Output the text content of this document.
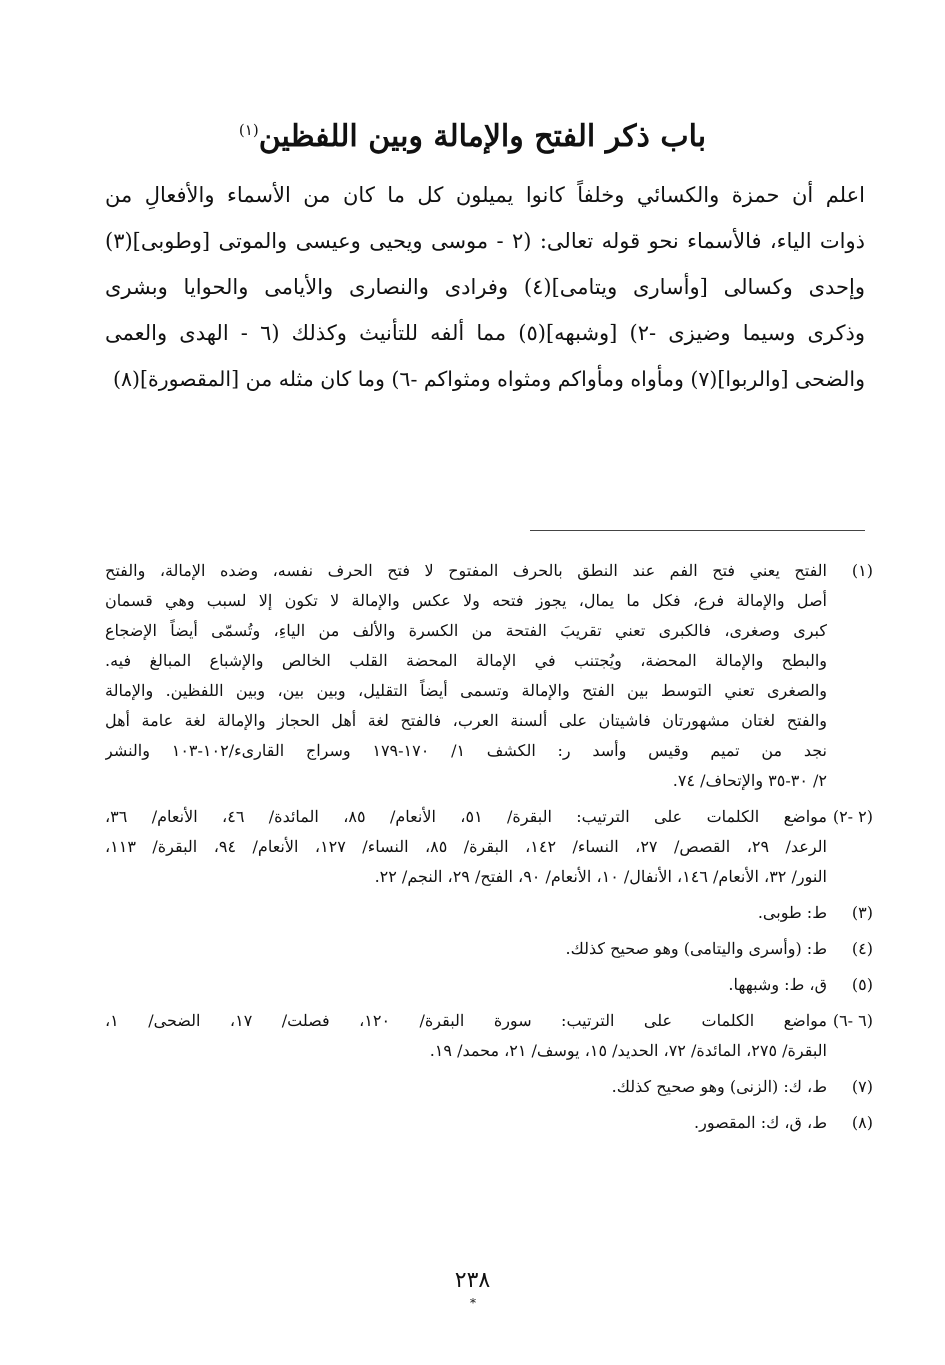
باب ذكر الفتح والإمالة وبين اللفظين$^{(١)}$
اعلم أن حمزة والكسائي وخلفاً كانوا يميلون كل ما كان من الأسماء والأفعالِ من
ذوات الياء، فالأسماء نحو قوله تعالى: (٢ - موسى ويحيى وعيسى والموتى [وطوبى](٣)
وإحدى وكسالى [وأسارى ويتامى](٤) وفرادى والنصارى والأيامى والحوايا وبشرى
وذكرى وسيما وضيزى -٢) [وشبهه](٥) مما ألفه للتأنيث وكذلك (٦ - الهدى والعمى
والضحى [والربوا](٧) ومأواه ومأواكم ومثواه ومثواكم -٦) وما كان مثله من [المقصورة](٨)
(١)
الفتح يعني فتح الفم عند النطق بالحرف المفتوح لا فتح الحرف نفسه، وضده الإمالة، والفتح
أصل والإمالة فرع، فكل ما يمال، يجوز فتحه ولا عكس والإمالة لا تكون إلا لسبب وهي قسمان
كبرى وصغرى، فالكبرى تعني تقريبَ الفتحة من الكسرة والألف من الياءِ، وتُسمّى أيضاً الإضجاع
والبطح والإمالة المحضة، ويُجتنب في الإمالة المحضة القلب الخالص والإشباع المبالغ فيه.
والصغرى تعني التوسط بين الفتح والإمالة وتسمى أيضاً التقليل، وبين بين، وبين اللفظين. والإمالة
والفتح لغتان مشهورتان فاشيتان على ألسنة العرب، فالفتح لغة أهل الحجاز والإمالة لغة عامة أهل
نجد من تميم وقيس وأسد ر: الكشف ١/ ١٧٠-١٧٩ وسراج القارىء/١٠٢-١٠٣ والنشر
٢/ ٣٠-٣٥ والإتحاف/ ٧٤.
(٢ -٢)
مواضع الكلمات على الترتيب: البقرة/ ٥١، الأنعام/ ٨٥، المائدة/ ٤٦، الأنعام/ ٣٦،
الرعد/ ٢٩، القصص/ ٢٧، النساء/ ١٤٢، البقرة/ ٨٥، النساء/ ١٢٧، الأنعام/ ٩٤، البقرة/ ١١٣،
النور/ ٣٢، الأنعام/ ١٤٦، الأنفال/ ١٠، الأنعام/ ٩٠، الفتح/ ٢٩، النجم/ ٢٢.
(٣)
ط: طوبى.
(٤)
ط: (وأسرى واليتامى) وهو صحيح كذلك.
(٥)
ق، ط: وشبهها.
(٦ -٦)
مواضع الكلمات على الترتيب: سورة البقرة/ ١٢٠، فصلت/ ١٧، الضحى/ ١،
البقرة/ ٢٧٥، المائدة/ ٧٢، الحديد/ ١٥، يوسف/ ٢١، محمد/ ١٩.
(٧)
ط، ك: (الزنى) وهو صحيح كذلك.
(٨)
ط، ق، ك: المقصور.
٢٣٨
*
